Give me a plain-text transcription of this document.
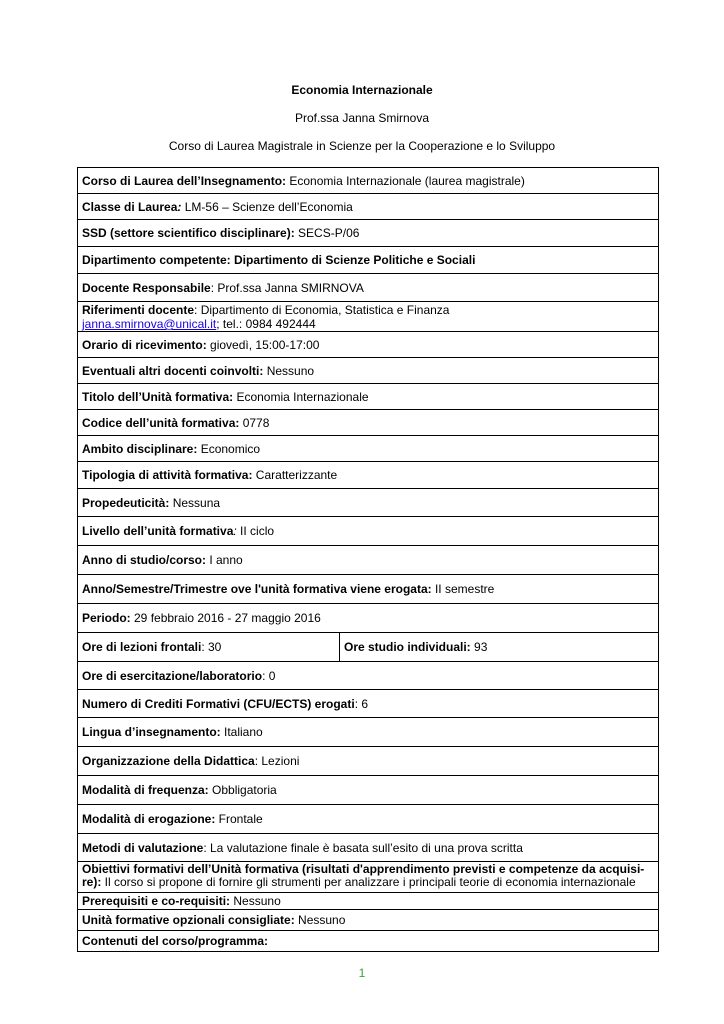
Economia Internazionale
Prof.ssa Janna Smirnova
Corso di Laurea Magistrale in Scienze per la Cooperazione e lo Sviluppo
Corso di Laurea dell’Insegnamento: Economia Internazionale (laurea magistrale)
Classe di Laurea: LM-56 – Scienze dell’Economia
SSD (settore scientifico disciplinare): SECS-P/06
Dipartimento competente: Dipartimento di Scienze Politiche e Sociali
Docente Responsabile: Prof.ssa Janna SMIRNOVA
Riferimenti docente: Dipartimento di Economia, Statistica e Finanza
janna.smirnova@unical.it; tel.: 0984 492444
Orario di ricevimento: giovedì, 15:00-17:00
Eventuali altri docenti coinvolti: Nessuno
Titolo dell’Unità formativa: Economia Internazionale
Codice dell’unità formativa: 0778
Ambito disciplinare: Economico
Tipologia di attività formativa: Caratterizzante
Propedeuticità: Nessuna
Livello dell’unità formativa: II ciclo
Anno di studio/corso: I anno
Anno/Semestre/Trimestre ove l'unità formativa viene erogata: II semestre
Periodo: 29 febbraio 2016 - 27 maggio 2016
Ore di lezioni frontali: 30	Ore studio individuali: 93
Ore di esercitazione/laboratorio: 0
Numero di Crediti Formativi (CFU/ECTS) erogati: 6
Lingua d’insegnamento: Italiano
Organizzazione della Didattica: Lezioni
Modalità di frequenza: Obbligatoria
Modalità di erogazione: Frontale
Metodi di valutazione: La valutazione finale è basata sull’esito di una prova scritta
Obiettivi formativi dell’Unità formativa (risultati d'apprendimento previsti e competenze da acquisi-
re): Il corso si propone di fornire gli strumenti per analizzare i principali teorie di economia internazionale
Prerequisiti e co-requisiti: Nessuno
Unità formative opzionali consigliate: Nessuno
Contenuti del corso/programma:
1
